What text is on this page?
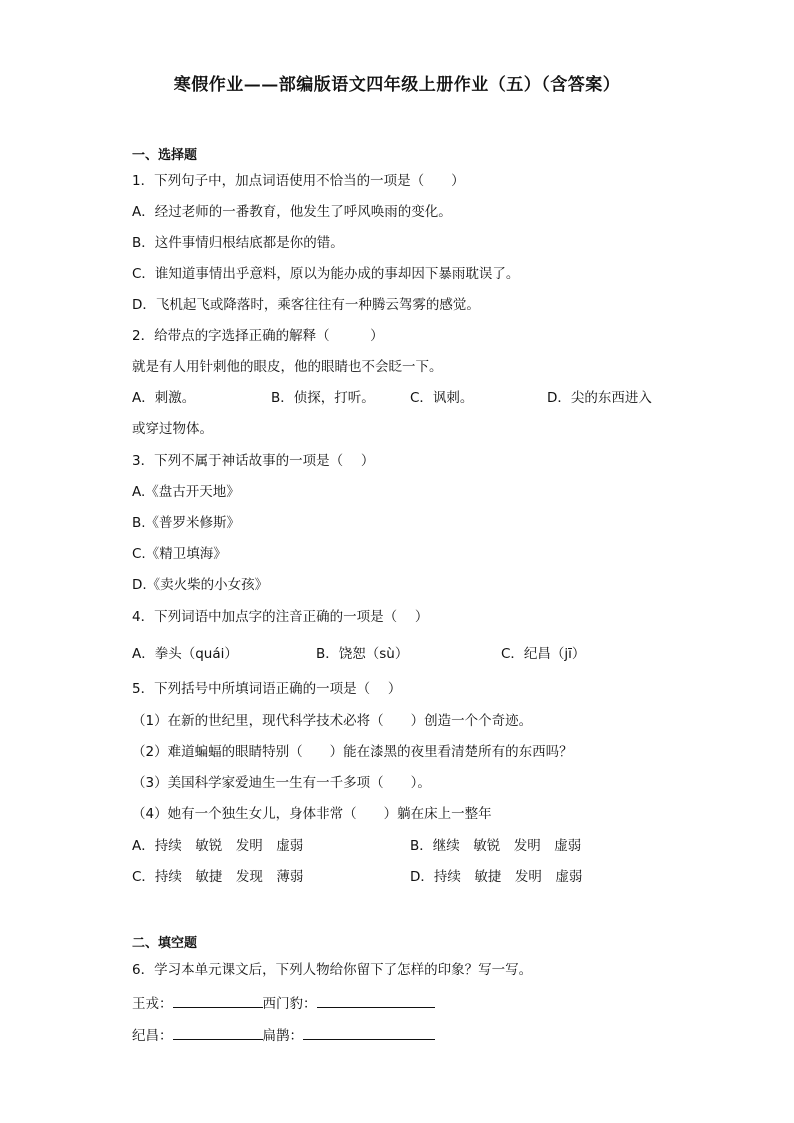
寒假作业——部编版语文四年级上册作业（五）（含答案）
一、选择题
1．下列句子中，加点词语使用不恰当的一项是（　　）
A．经过老师的一番教育，他发生了呼风唤雨的变化。
B．这件事情归根结底都是你的错。
C．谁知道事情出乎意料，原以为能办成的事却因下暴雨耽误了。
D．飞机起飞或降落时，乘客往往有一种腾云驾雾的感觉。
2．给带点的字选择正确的解释（　　　）
就是有人用针刺他的眼皮，他的眼睛也不会眨一下。
A．刺激。	B．侦探，打听。	C．讽刺。	D．尖的东西进入
或穿过物体。
3．下列不属于神话故事的一项是（　 ）
A.《盘古开天地》
B.《普罗米修斯》
C.《精卫填海》
D.《卖火柴的小女孩》
4．下列词语中加点字的注音正确的一项是（　 ）
A．拳头（quái）	B．饶恕（sù）	C．纪昌（jī）
5．下列括号中所填词语正确的一项是（　 ）
（1）在新的世纪里，现代科学技术必将（　　）创造一个个奇迹。
（2）难道蝙蝠的眼睛特别（　　）能在漆黑的夜里看清楚所有的东西吗？
（3）美国科学家爱迪生一生有一千多项（　　）。
（4）她有一个独生女儿，身体非常（　　）躺在床上一整年
A．持续　敏锐　发明　虚弱	B．继续　敏锐　发明　虚弱
C．持续　敏捷　发现　薄弱	D．持续　敏捷　发明　虚弱
二、填空题
6．学习本单元课文后，下列人物给你留下了怎样的印象？写一写。
王戎：	西门豹：
纪昌：	扁鹊：
